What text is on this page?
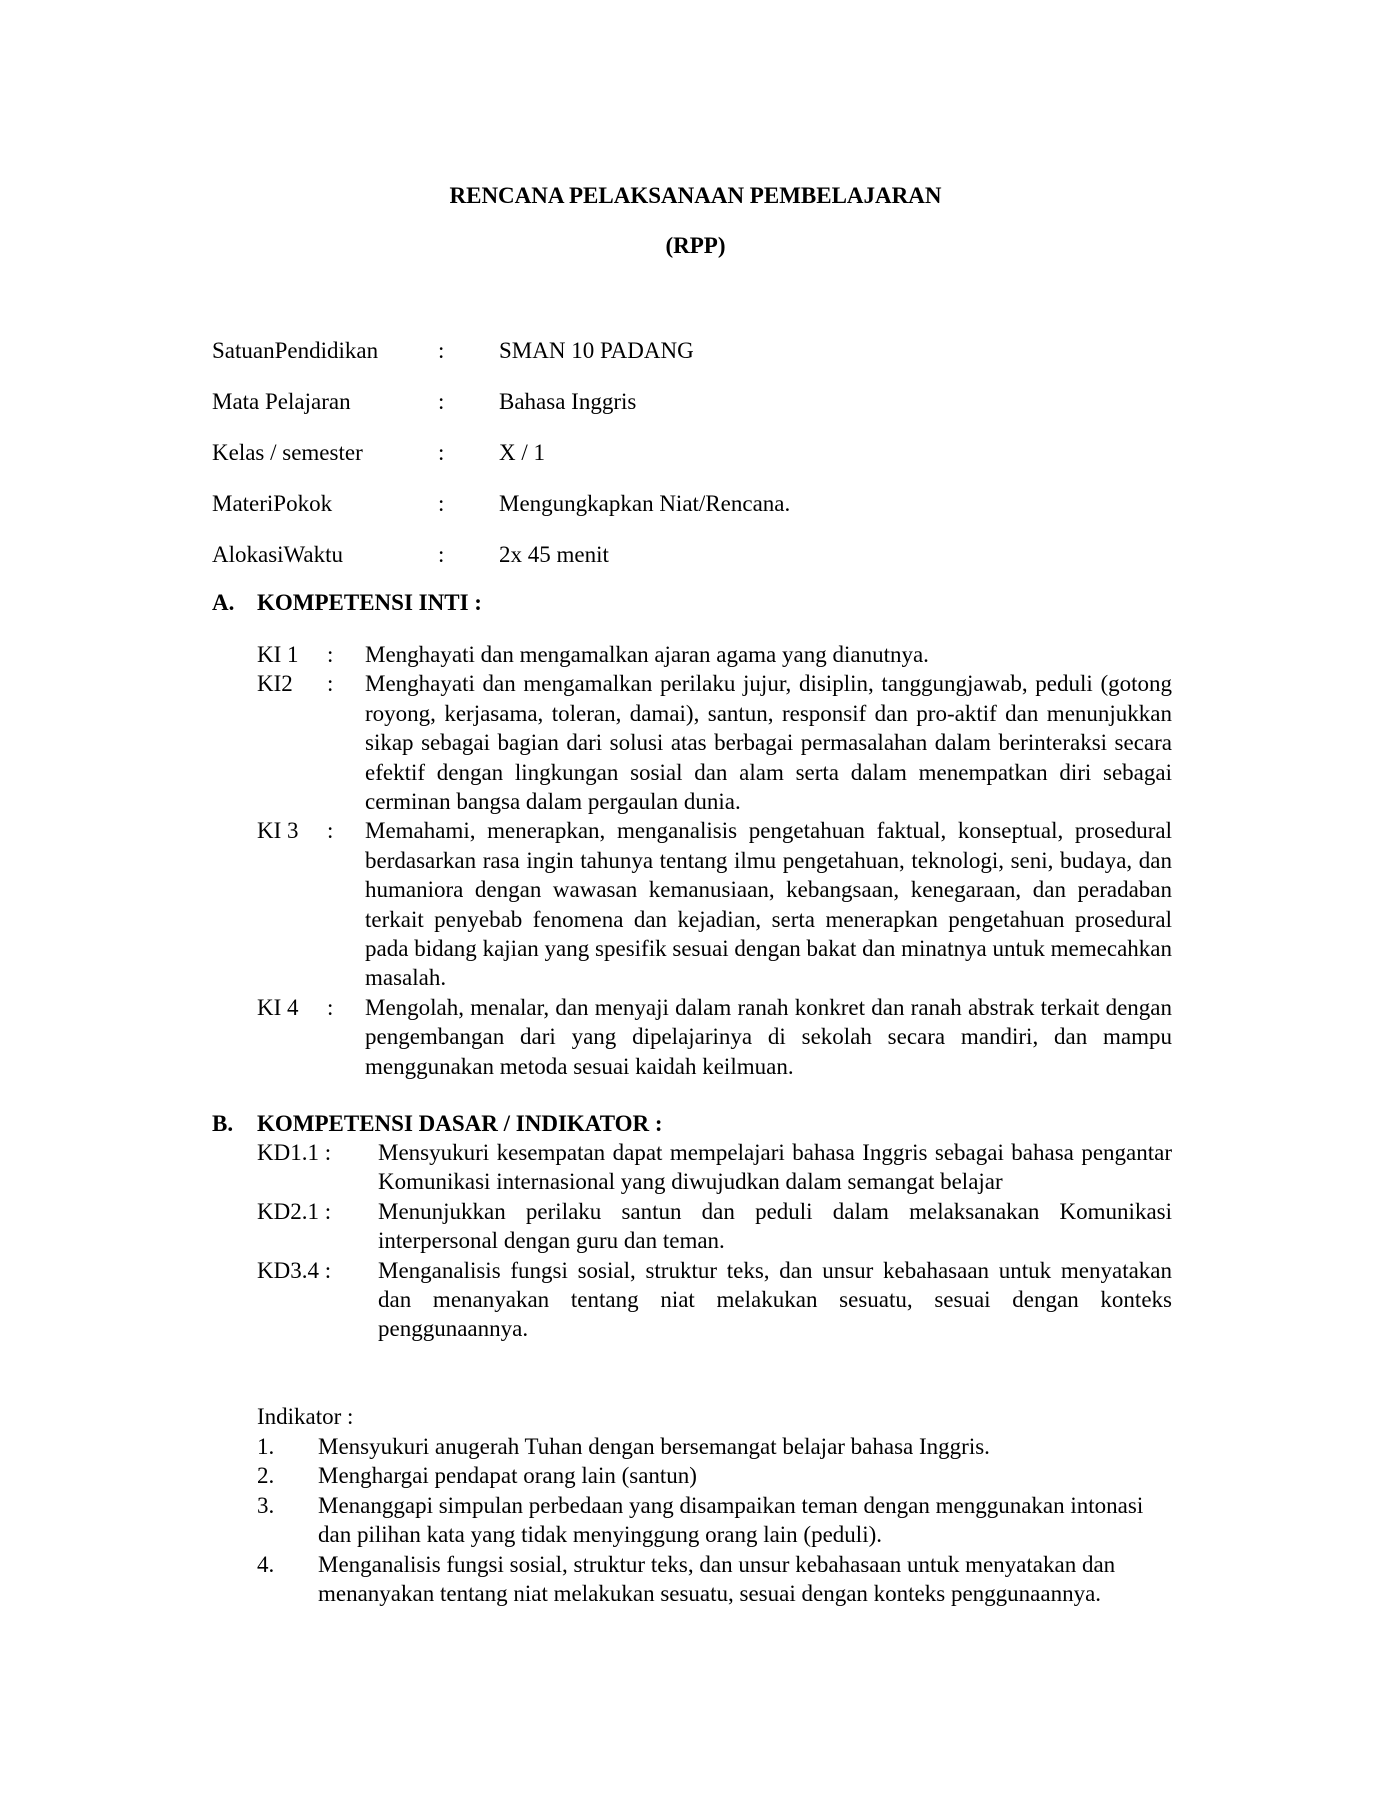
RENCANA PELAKSANAAN PEMBELAJARAN
(RPP)
SatuanPendidikan	: SMAN 10 PADANG
Mata Pelajaran	: Bahasa Inggris
Kelas / semester	: X / 1
MateriPokok	: Mengungkapkan Niat/Rencana.
AlokasiWaktu	: 2x 45 menit
A. KOMPETENSI INTI :
KI 1 : Menghayati dan mengamalkan ajaran agama yang dianutnya.
KI2 : Menghayati dan mengamalkan perilaku jujur, disiplin, tanggungjawab, peduli (gotong royong, kerjasama, toleran, damai), santun, responsif dan pro-aktif dan menunjukkan sikap sebagai bagian dari solusi atas berbagai permasalahan dalam berinteraksi secara efektif dengan lingkungan sosial dan alam serta dalam menempatkan diri sebagai cerminan bangsa dalam pergaulan dunia.
KI 3 : Memahami, menerapkan, menganalisis pengetahuan faktual, konseptual, prosedural berdasarkan rasa ingin tahunya tentang ilmu pengetahuan, teknologi, seni, budaya, dan humaniora dengan wawasan kemanusiaan, kebangsaan, kenegaraan, dan peradaban terkait penyebab fenomena dan kejadian, serta menerapkan pengetahuan prosedural pada bidang kajian yang spesifik sesuai dengan bakat dan minatnya untuk memecahkan masalah.
KI 4 : Mengolah, menalar, dan menyaji dalam ranah konkret dan ranah abstrak terkait dengan pengembangan dari yang dipelajarinya di sekolah secara mandiri, dan mampu menggunakan metoda sesuai kaidah keilmuan.
B. KOMPETENSI DASAR / INDIKATOR :
KD1.1 :	Mensyukuri kesempatan dapat mempelajari bahasa Inggris sebagai bahasa pengantar Komunikasi internasional yang diwujudkan dalam semangat belajar
KD2.1 :	Menunjukkan perilaku santun dan peduli dalam melaksanakan Komunikasi interpersonal dengan guru dan teman.
KD3.4 :	Menganalisis fungsi sosial, struktur teks, dan unsur kebahasaan untuk menyatakan dan menanyakan tentang niat melakukan sesuatu, sesuai dengan konteks penggunaannya.
Indikator :
1.	Mensyukuri anugerah Tuhan dengan bersemangat belajar bahasa Inggris.
2.	Menghargai pendapat orang lain (santun)
3.	Menanggapi simpulan perbedaan yang disampaikan teman dengan menggunakan intonasi dan pilihan kata yang tidak menyinggung orang lain (peduli).
4.	Menganalisis fungsi sosial, struktur teks, dan unsur kebahasaan untuk menyatakan dan menanyakan tentang niat melakukan sesuatu, sesuai dengan konteks penggunaannya.
